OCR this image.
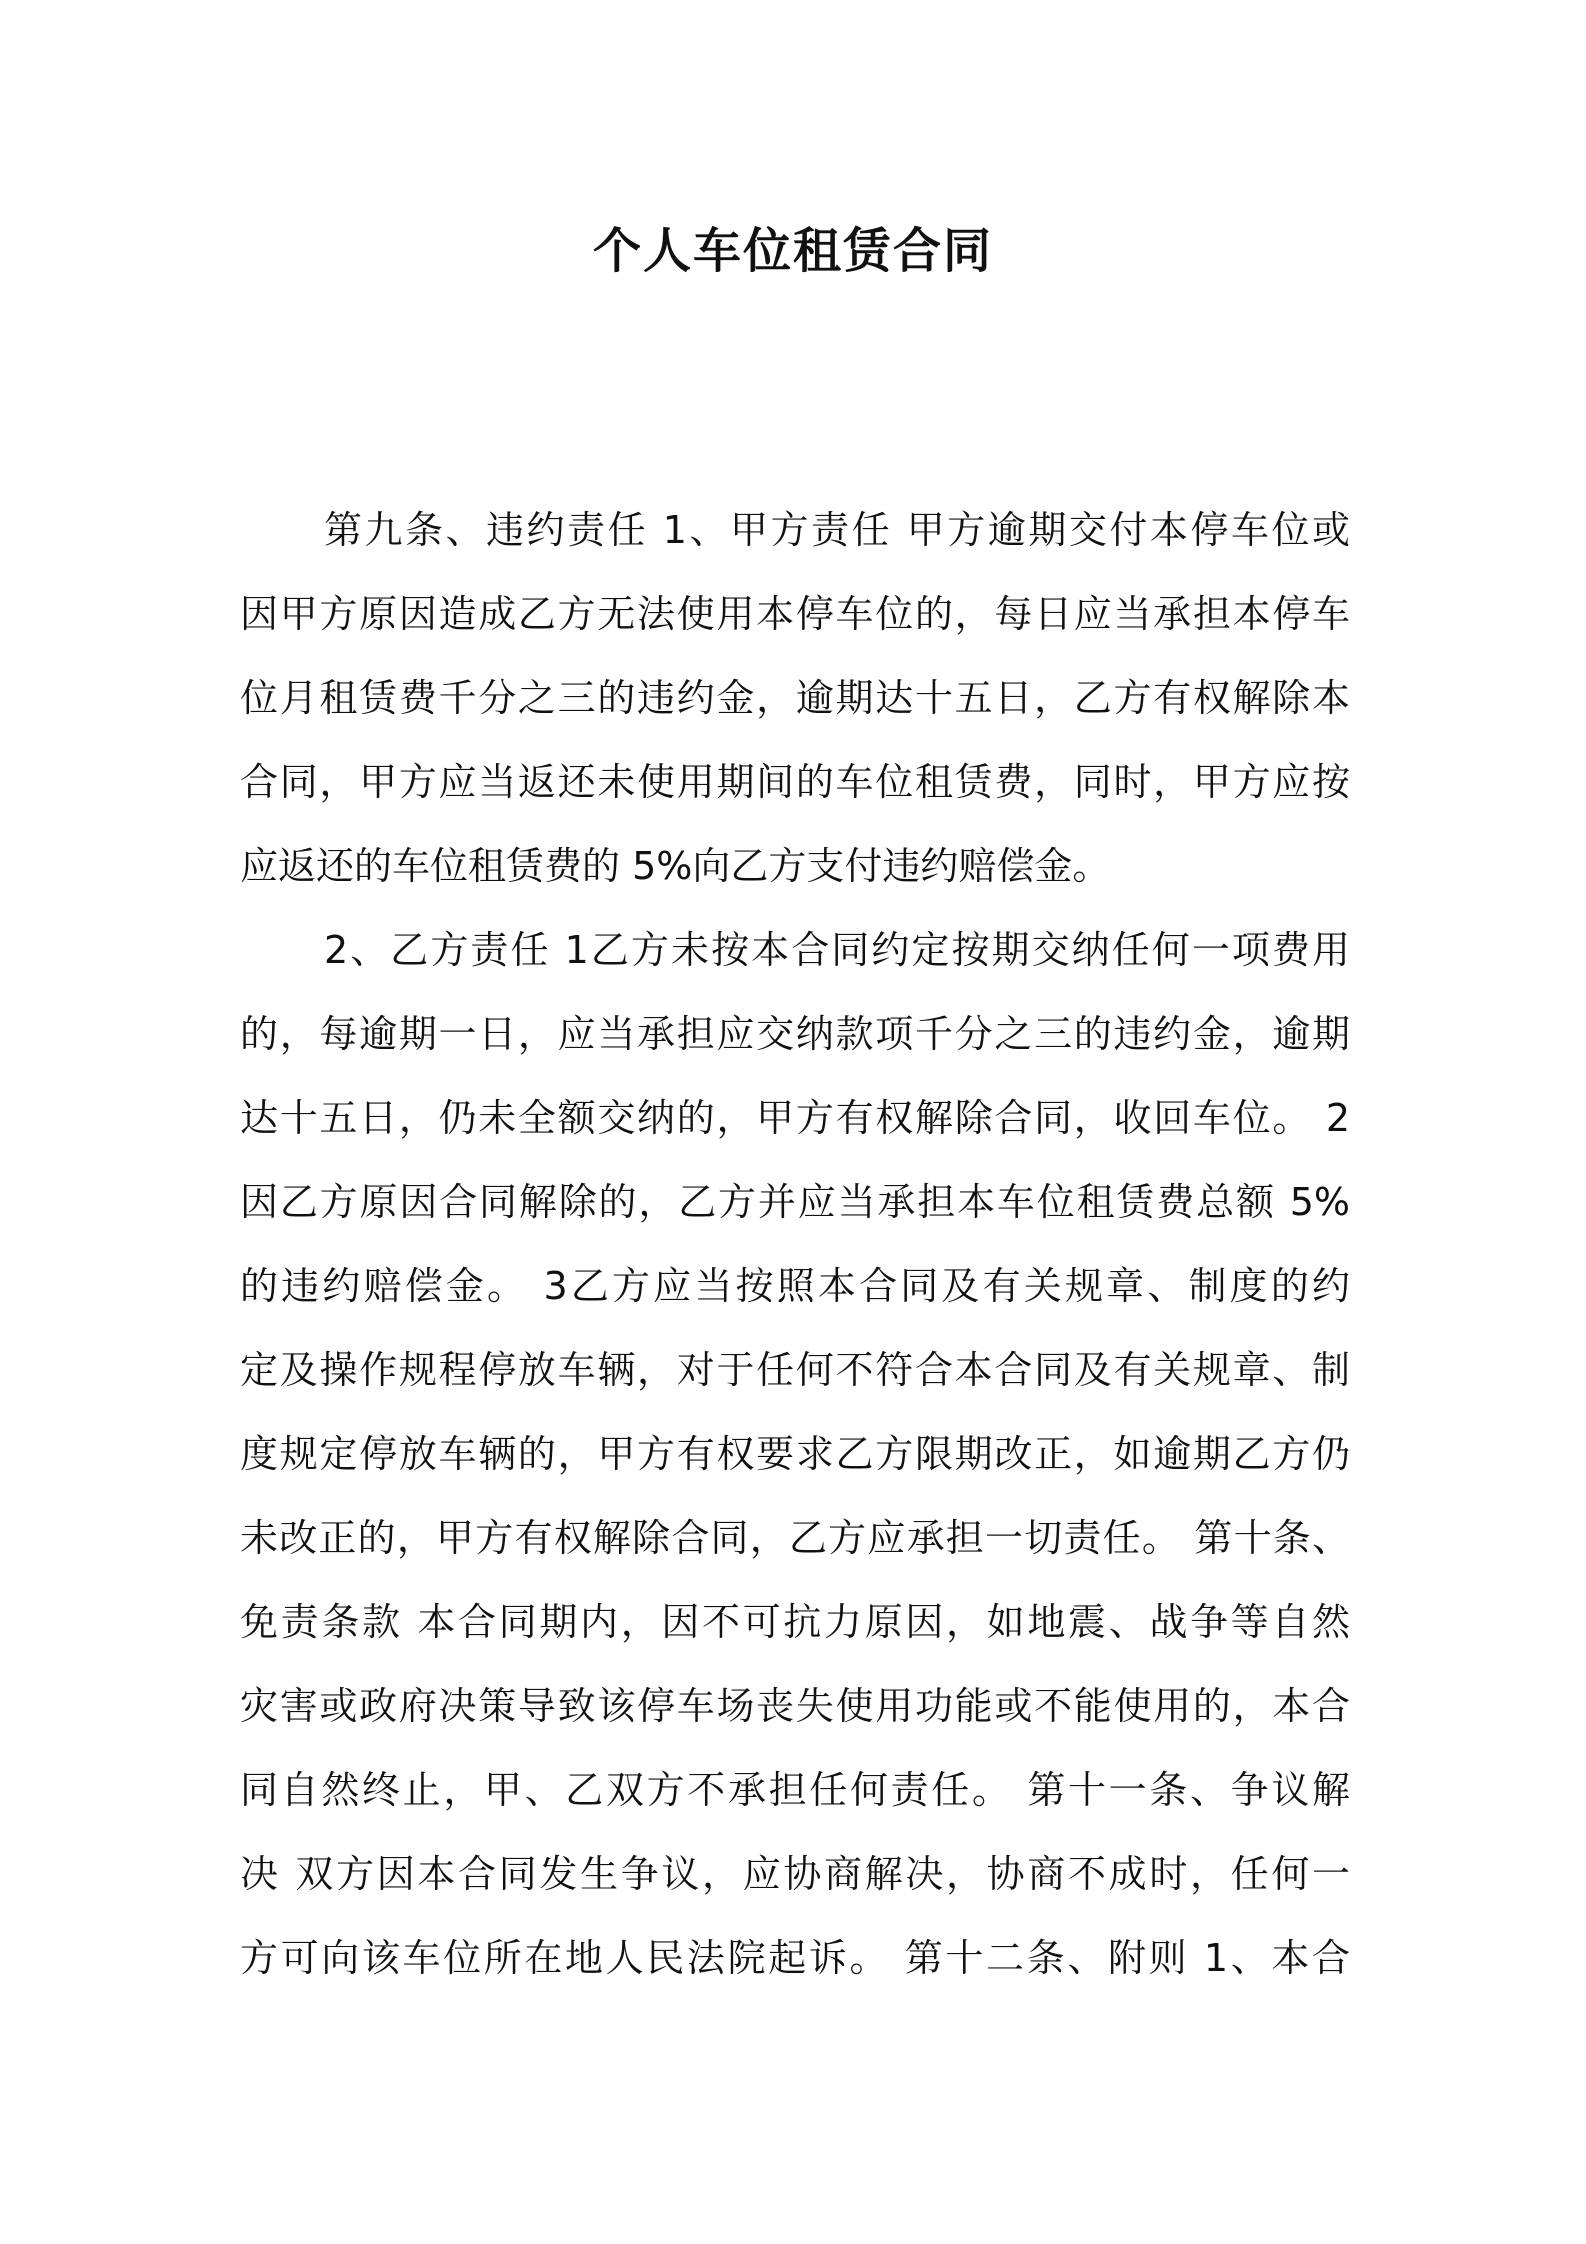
个人车位租赁合同
第九条、违约责任 1、甲方责任 甲方逾期交付本停车位或
因甲方原因造成乙方无法使用本停车位的，每日应当承担本停车
位月租赁费千分之三的违约金，逾期达十五日，乙方有权解除本
合同，甲方应当返还未使用期间的车位租赁费，同时，甲方应按
应返还的车位租赁费的 5%向乙方支付违约赔偿金。
2、乙方责任 1乙方未按本合同约定按期交纳任何一项费用
的，每逾期一日，应当承担应交纳款项千分之三的违约金，逾期
达十五日，仍未全额交纳的，甲方有权解除合同，收回车位。 2
因乙方原因合同解除的，乙方并应当承担本车位租赁费总额 5%
的违约赔偿金。 3乙方应当按照本合同及有关规章、制度的约
定及操作规程停放车辆，对于任何不符合本合同及有关规章、制
度规定停放车辆的，甲方有权要求乙方限期改正，如逾期乙方仍
未改正的，甲方有权解除合同，乙方应承担一切责任。 第十条、
免责条款 本合同期内，因不可抗力原因，如地震、战争等自然
灾害或政府决策导致该停车场丧失使用功能或不能使用的，本合
同自然终止，甲、乙双方不承担任何责任。 第十一条、争议解
决 双方因本合同发生争议，应协商解决，协商不成时，任何一
方可向该车位所在地人民法院起诉。 第十二条、附则 1、本合
